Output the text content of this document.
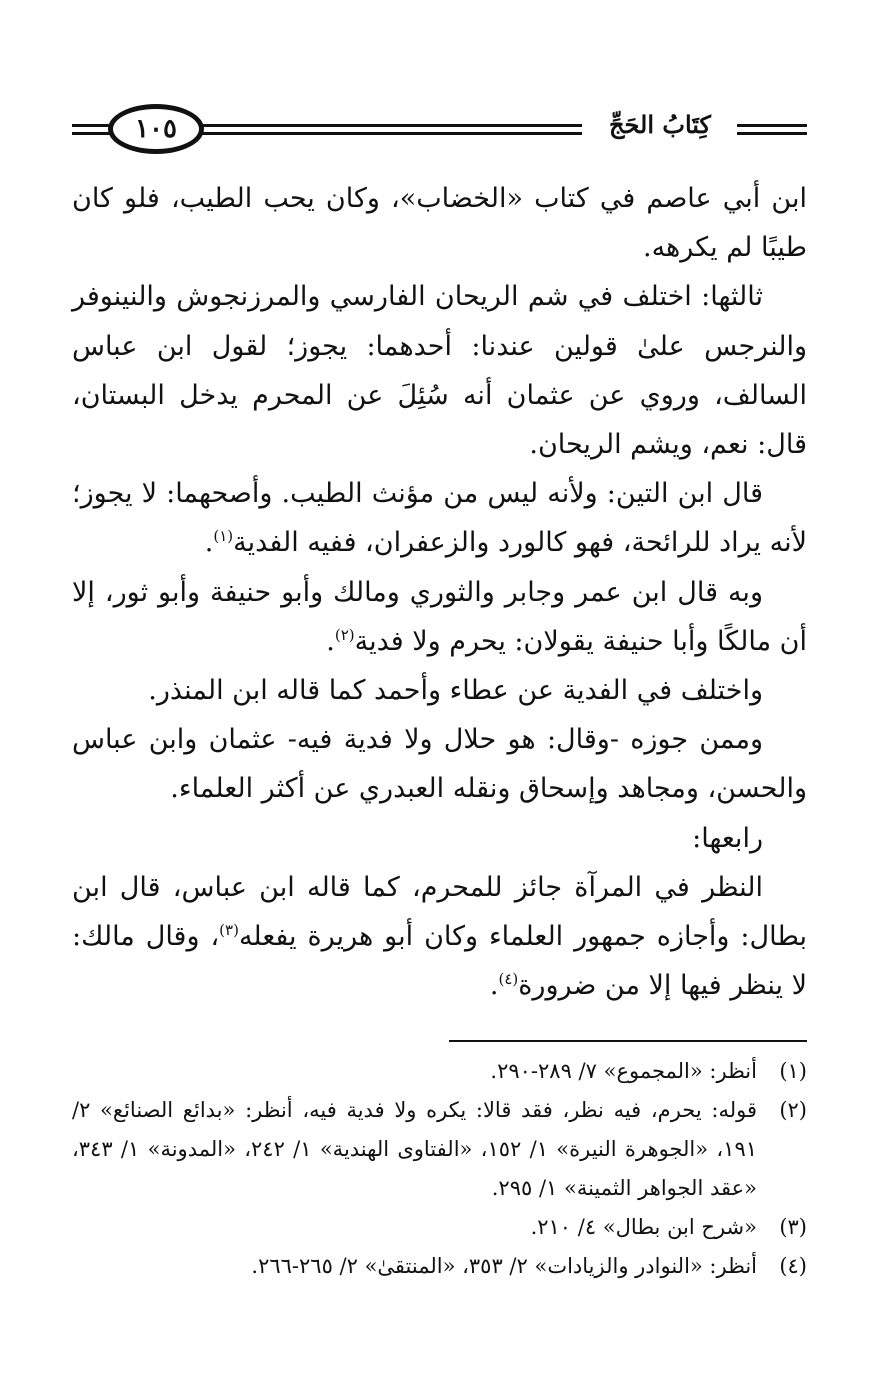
١٠٥	كِتَابُ الحَجِّ

ابن أبي عاصم في كتاب «الخضاب»، وكان يحب الطيب، فلو كان طيبًا لم يكرهه.

ثالثها: اختلف في شم الريحان الفارسي والمرزنجوش والنينوفر والنرجس علىٰ قولين عندنا: أحدهما: يجوز؛ لقول ابن عباس السالف، وروي عن عثمان أنه سُئِلَ عن المحرم يدخل البستان، قال: نعم، ويشم الريحان.

قال ابن التين: ولأنه ليس من مؤنث الطيب. وأصحهما: لا يجوز؛ لأنه يراد للرائحة، فهو كالورد والزعفران، ففيه الفدية$^{(١)}$.

وبه قال ابن عمر وجابر والثوري ومالك وأبو حنيفة وأبو ثور، إلا أن مالكًا وأبا حنيفة يقولان: يحرم ولا فدية$^{(٢)}$.

واختلف في الفدية عن عطاء وأحمد كما قاله ابن المنذر.

وممن جوزه -وقال: هو حلال ولا فدية فيه- عثمان وابن عباس والحسن، ومجاهد وإسحاق ونقله العبدري عن أكثر العلماء.

رابعها:

النظر في المرآة جائز للمحرم، كما قاله ابن عباس، قال ابن بطال: وأجازه جمهور العلماء وكان أبو هريرة يفعله$^{(٣)}$، وقال مالك: لا ينظر فيها إلا من ضرورة$^{(٤)}$.

(١)
أنظر: «المجموع» ٧/ ٢٨٩-٢٩٠.
(٢)
قوله: يحرم، فيه نظر، فقد قالا: يكره ولا فدية فيه، أنظر: «بدائع الصنائع» ٢/ ١٩١، «الجوهرة النيرة» ١/ ١٥٢، «الفتاوى الهندية» ١/ ٢٤٢، «المدونة» ١/ ٣٤٣، «عقد الجواهر الثمينة» ١/ ٢٩٥.
(٣)
«شرح ابن بطال» ٤/ ٢١٠.
(٤)
أنظر: «النوادر والزيادات» ٢/ ٣٥٣، «المنتقىٰ» ٢/ ٢٦٥-٢٦٦.
